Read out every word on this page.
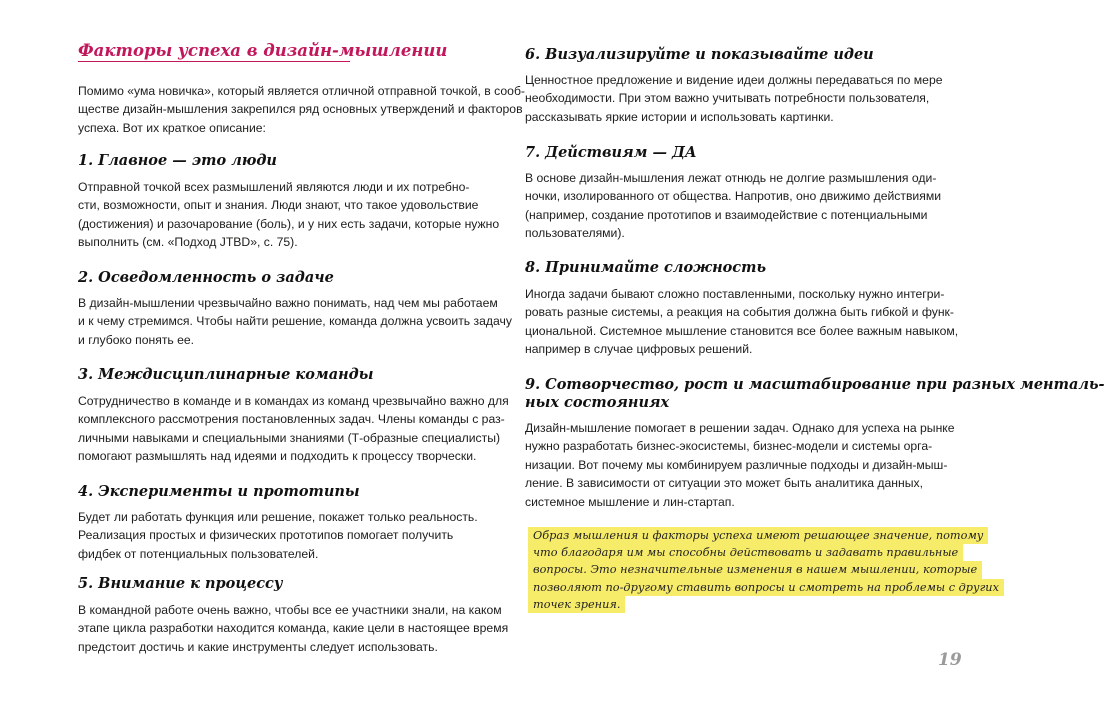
Факторы успеха в дизайн-мышлении

Помимо «ума новичка», который является отличной отправной точкой, в сооб-
ществе дизайн-мышления закрепился ряд основных утверждений и факторов
успеха. Вот их краткое описание:

1. Главное — это люди

Отправной точкой всех размышлений являются люди и их потребно-
сти, возможности, опыт и знания. Люди знают, что такое удовольствие
(достижения) и разочарование (боль), и у них есть задачи, которые нужно
выполнить (см. «Подход JTBD», с. 75).

2. Осведомленность о задаче

В дизайн-мышлении чрезвычайно важно понимать, над чем мы работаем
и к чему стремимся. Чтобы найти решение, команда должна усвоить задачу
и глубоко понять ее.

3. Междисциплинарные команды

Сотрудничество в команде и в командах из команд чрезвычайно важно для
комплексного рассмотрения постановленных задач. Члены команды с раз-
личными навыками и специальными знаниями (Т-образные специалисты)
помогают размышлять над идеями и подходить к процессу творчески.

4. Эксперименты и прототипы

Будет ли работать функция или решение, покажет только реальность.
Реализация простых и физических прототипов помогает получить
фидбек от потенциальных пользователей.

5. Внимание к процессу

В командной работе очень важно, чтобы все ее участники знали, на каком
этапе цикла разработки находится команда, какие цели в настоящее время
предстоит достичь и какие инструменты следует использовать.

6. Визуализируйте и показывайте идеи

Ценностное предложение и видение идеи должны передаваться по мере
необходимости. При этом важно учитывать потребности пользователя,
рассказывать яркие истории и использовать картинки.

7. Действиям — ДА

В основе дизайн-мышления лежат отнюдь не долгие размышления оди-
ночки, изолированного от общества. Напротив, оно движимо действиями
(например, создание прототипов и взаимодействие с потенциальными
пользователями).

8. Принимайте сложность

Иногда задачи бывают сложно поставленными, поскольку нужно интегри-
ровать разные системы, а реакция на события должна быть гибкой и функ-
циональной. Системное мышление становится все более важным навыком,
например в случае цифровых решений.

9. Сотворчество, рост и масштабирование при разных менталь-
ных состояниях

Дизайн-мышление помогает в решении задач. Однако для успеха на рынке
нужно разработать бизнес-экосистемы, бизнес-модели и системы орга-
низации. Вот почему мы комбинируем различные подходы и дизайн-мыш-
ление. В зависимости от ситуации это может быть аналитика данных,
системное мышление и лин-стартап.

Образ мышления и факторы успеха имеют решающее значение, потому
что благодаря им мы способны действовать и задавать правильные
вопросы. Это незначительные изменения в нашем мышлении, которые
позволяют по-другому ставить вопросы и смотреть на проблемы с других
точек зрения.
19
